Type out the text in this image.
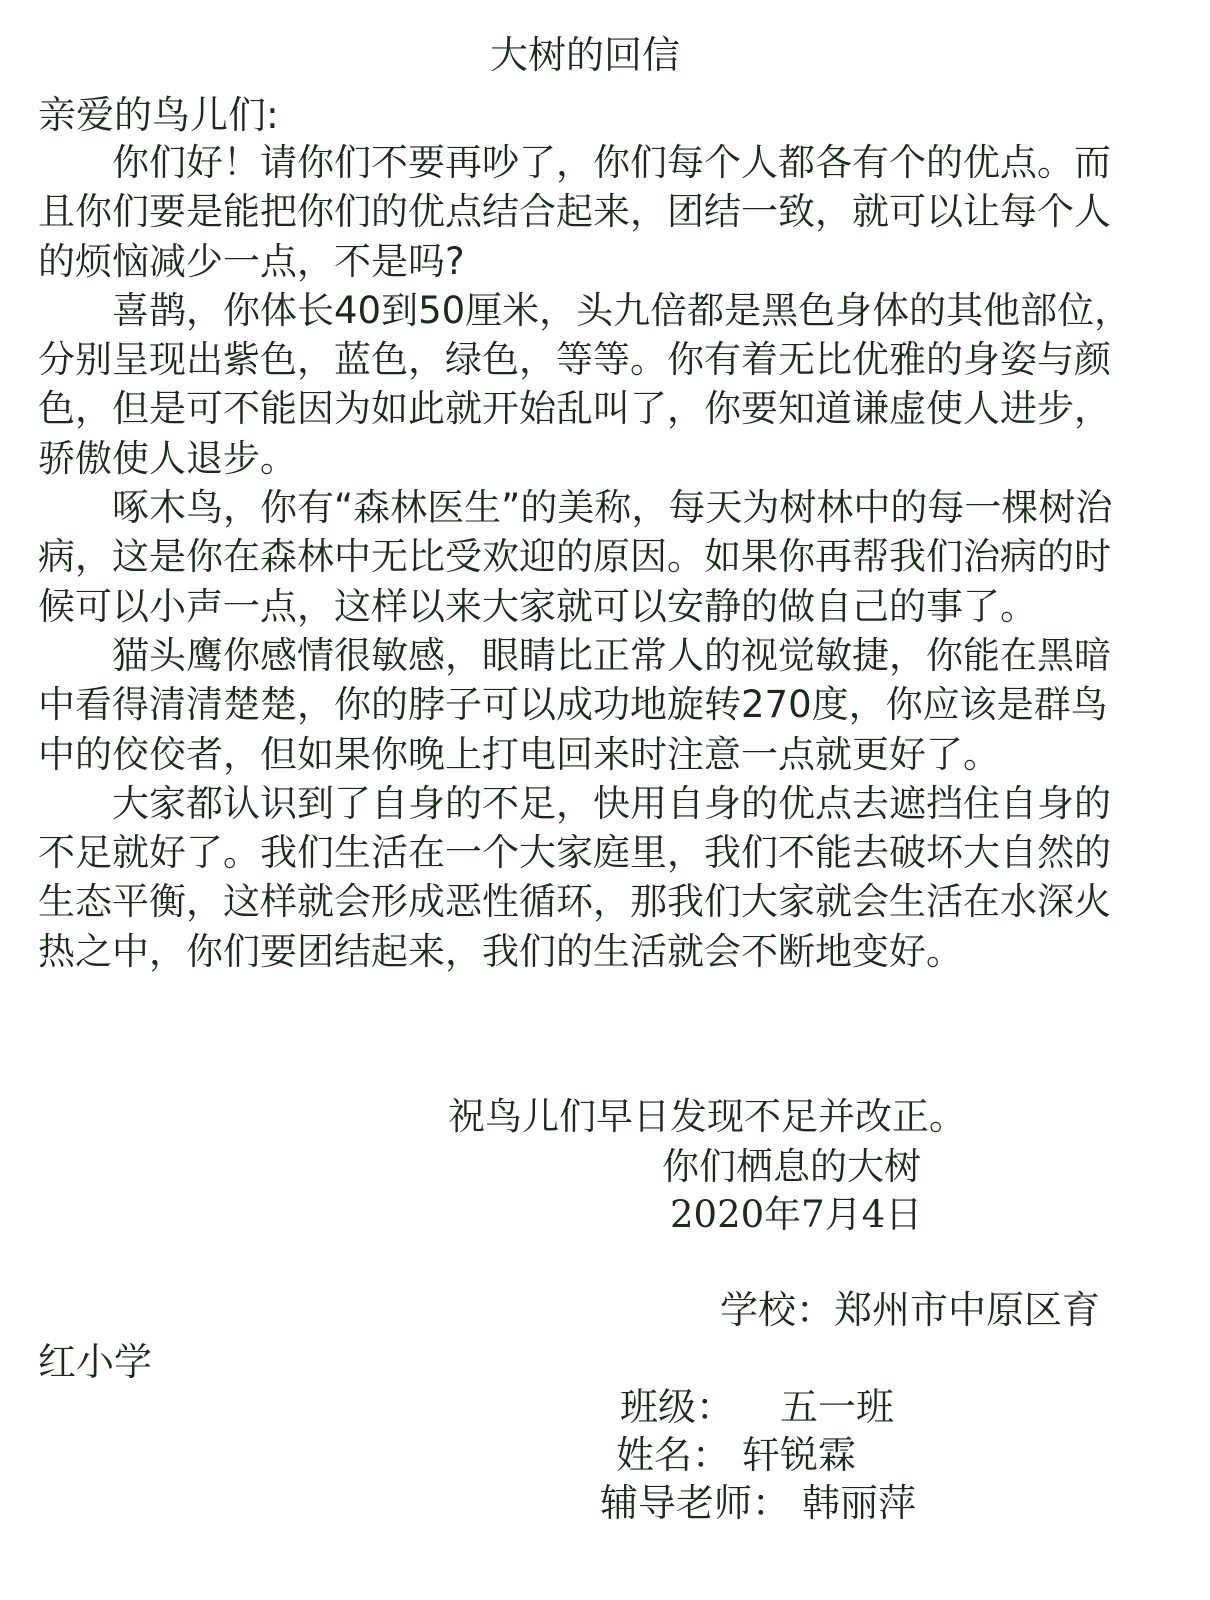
大树的回信
亲爱的鸟儿们:

你们好！请你们不要再吵了，你们每个人都各有个的优点。而且你们要是能把你们的优点结合起来，团结一致，就可以让每个人的烦恼减少一点，不是吗?

喜鹊，你体长40到50厘米，头九倍都是黑色身体的其他部位，分别呈现出紫色，蓝色，绿色，等等。你有着无比优雅的身姿与颜色，但是可不能因为如此就开始乱叫了，你要知道谦虚使人进步，骄傲使人退步。

啄木鸟，你有“森林医生”的美称，每天为树林中的每一棵树治病，这是你在森林中无比受欢迎的原因。如果你再帮我们治病的时候可以小声一点，这样以来大家就可以安静的做自己的事了。

猫头鹰你感情很敏感，眼睛比正常人的视觉敏捷，你能在黑暗中看得清清楚楚，你的脖子可以成功地旋转270度，你应该是群鸟中的佼佼者，但如果你晚上打电回来时注意一点就更好了。

大家都认识到了自身的不足，快用自身的优点去遮挡住自身的不足就好了。我们生活在一个大家庭里，我们不能去破坏大自然的生态平衡，这样就会形成恶性循环，那我们大家就会生活在水深火热之中，你们要团结起来，我们的生活就会不断地变好。

祝鸟儿们早日发现不足并改正。
你们栖息的大树
2020年7月4日
学校：郑州市中原区育红小学
班级： 五一班
姓名： 轩锐霖
辅导老师： 韩丽萍
